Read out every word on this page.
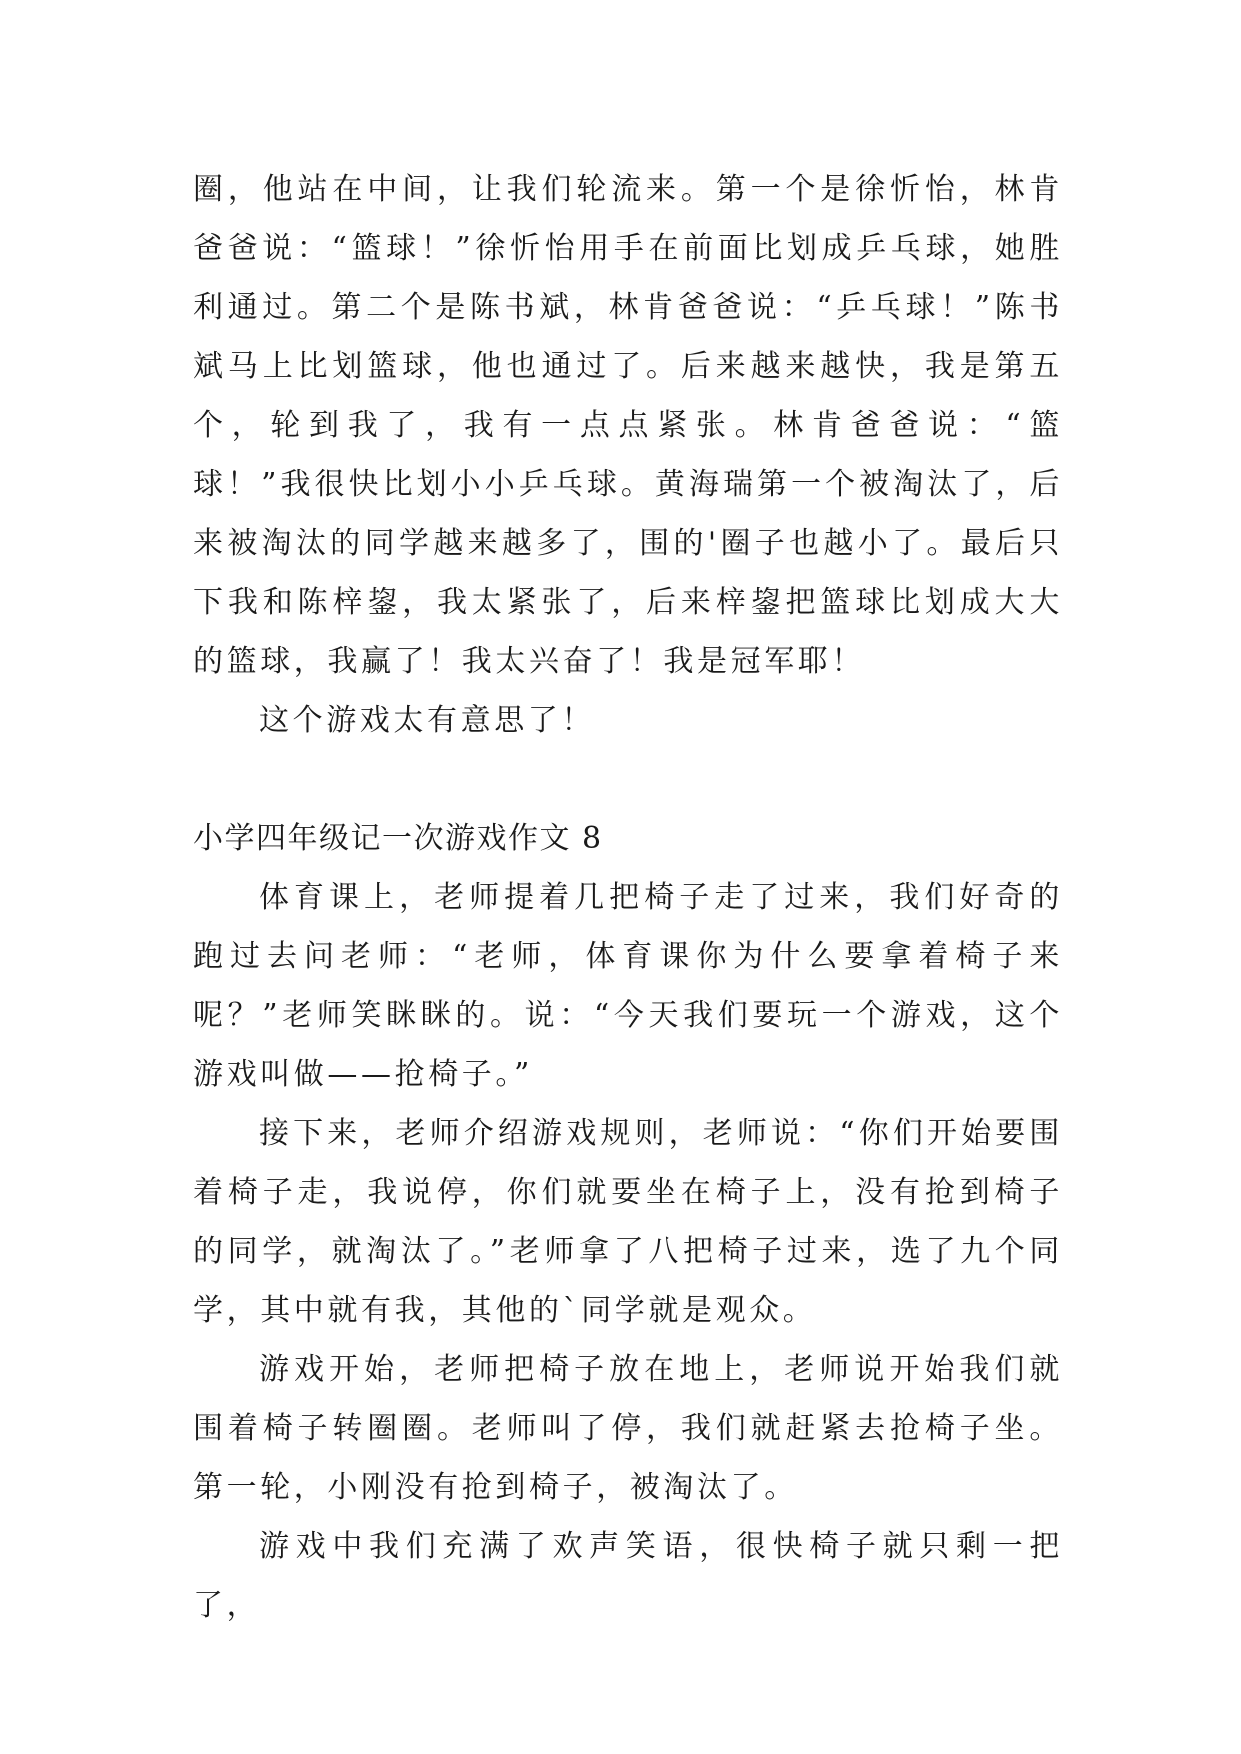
圈，他站在中间，让我们轮流来。第一个是徐忻怡，林肯爸爸说：“篮球！”徐忻怡用手在前面比划成乒乓球，她胜利通过。第二个是陈书斌，林肯爸爸说：“乒乓球！”陈书斌马上比划篮球，他也通过了。后来越来越快，我是第五个，轮到我了，我有一点点紧张。林肯爸爸说：“篮球！”我很快比划小小乒乓球。黄海瑞第一个被淘汰了，后来被淘汰的同学越来越多了，围的'圈子也越小了。最后只下我和陈梓鋆，我太紧张了，后来梓鋆把篮球比划成大大的篮球，我赢了！我太兴奋了！我是冠军耶！

这个游戏太有意思了！

小学四年级记一次游戏作文 8

体育课上，老师提着几把椅子走了过来，我们好奇的跑过去问老师：“老师，体育课你为什么要拿着椅子来呢？”老师笑眯眯的。说：“今天我们要玩一个游戏，这个游戏叫做——抢椅子。”

接下来，老师介绍游戏规则，老师说：“你们开始要围着椅子走，我说停，你们就要坐在椅子上，没有抢到椅子的同学，就淘汰了。”老师拿了八把椅子过来，选了九个同学，其中就有我，其他的`同学就是观众。

游戏开始，老师把椅子放在地上，老师说开始我们就围着椅子转圈圈。老师叫了停，我们就赶紧去抢椅子坐。第一轮，小刚没有抢到椅子，被淘汰了。

游戏中我们充满了欢声笑语，很快椅子就只剩一把了，
